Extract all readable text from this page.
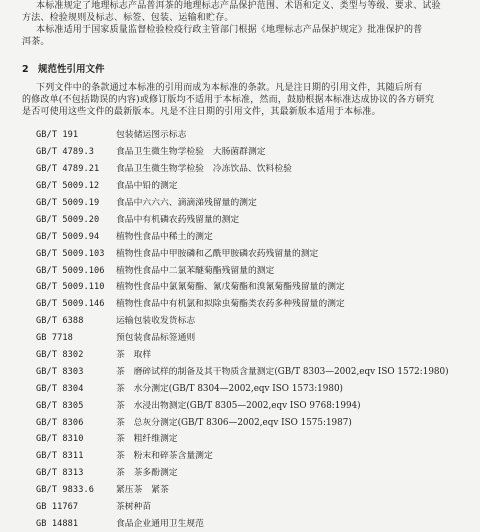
本标准规定了地理标志产品普洱茶的地理标志产品保护范围、术语和定义、类型与等级、要求、试验

方法、检验规则及标志、标签、包装、运输和贮存。

本标准适用于国家质量监督检验检疫行政主管部门根据《地理标志产品保护规定》批准保护的普

洱茶。

2 规范性引用文件

下列文件中的条款通过本标准的引用而成为本标准的条款。凡是注日期的引用文件，其随后所有

的修改单(不包括勘误的内容)或修订版均不适用于本标准，然而，鼓励根据本标准达成协议的各方研究

是否可使用这些文件的最新版本。凡是不注日期的引用文件，其最新版本适用于本标准。

GB/T 191	包装储运图示标志
GB/T 4789.3	食品卫生微生物学检验　大肠菌群测定
GB/T 4789.21	食品卫生微生物学检验　冷冻饮品、饮料检验
GB/T 5009.12	食品中铅的测定
GB/T 5009.19	食品中六六六、滴滴涕残留量的测定
GB/T 5009.20	食品中有机磷农药残留量的测定
GB/T 5009.94	植物性食品中稀土的测定
GB/T 5009.103	植物性食品中甲胺磷和乙酰甲胺磷农药残留量的测定
GB/T 5009.106	植物性食品中二氯苯醚菊酯残留量的测定
GB/T 5009.110	植物性食品中氯氰菊酯、氰戊菊酯和溴氰菊酯残留量的测定
GB/T 5009.146	植物性食品中有机氯和拟除虫菊酯类农药多种残留量的测定
GB/T 6388	运输包装收发货标志
GB 7718	预包装食品标签通则
GB/T 8302	茶　取样
GB/T 8303	茶　磨碎试样的制备及其干物质含量测定(GB/T 8303—2002,eqv ISO 1572:1980)
GB/T 8304	茶　水分测定(GB/T 8304—2002,eqv ISO 1573:1980)
GB/T 8305	茶　水浸出物测定(GB/T 8305—2002,eqv ISO 9768:1994)
GB/T 8306	茶　总灰分测定(GB/T 8306—2002,eqv ISO 1575:1987)
GB/T 8310	茶　粗纤维测定
GB/T 8311	茶　粉末和碎茶含量测定
GB/T 8313	茶　茶多酚测定
GB/T 9833.6	紧压茶　紧茶
GB 11767	茶树种苗
GB 14881	食品企业通用卫生规范
